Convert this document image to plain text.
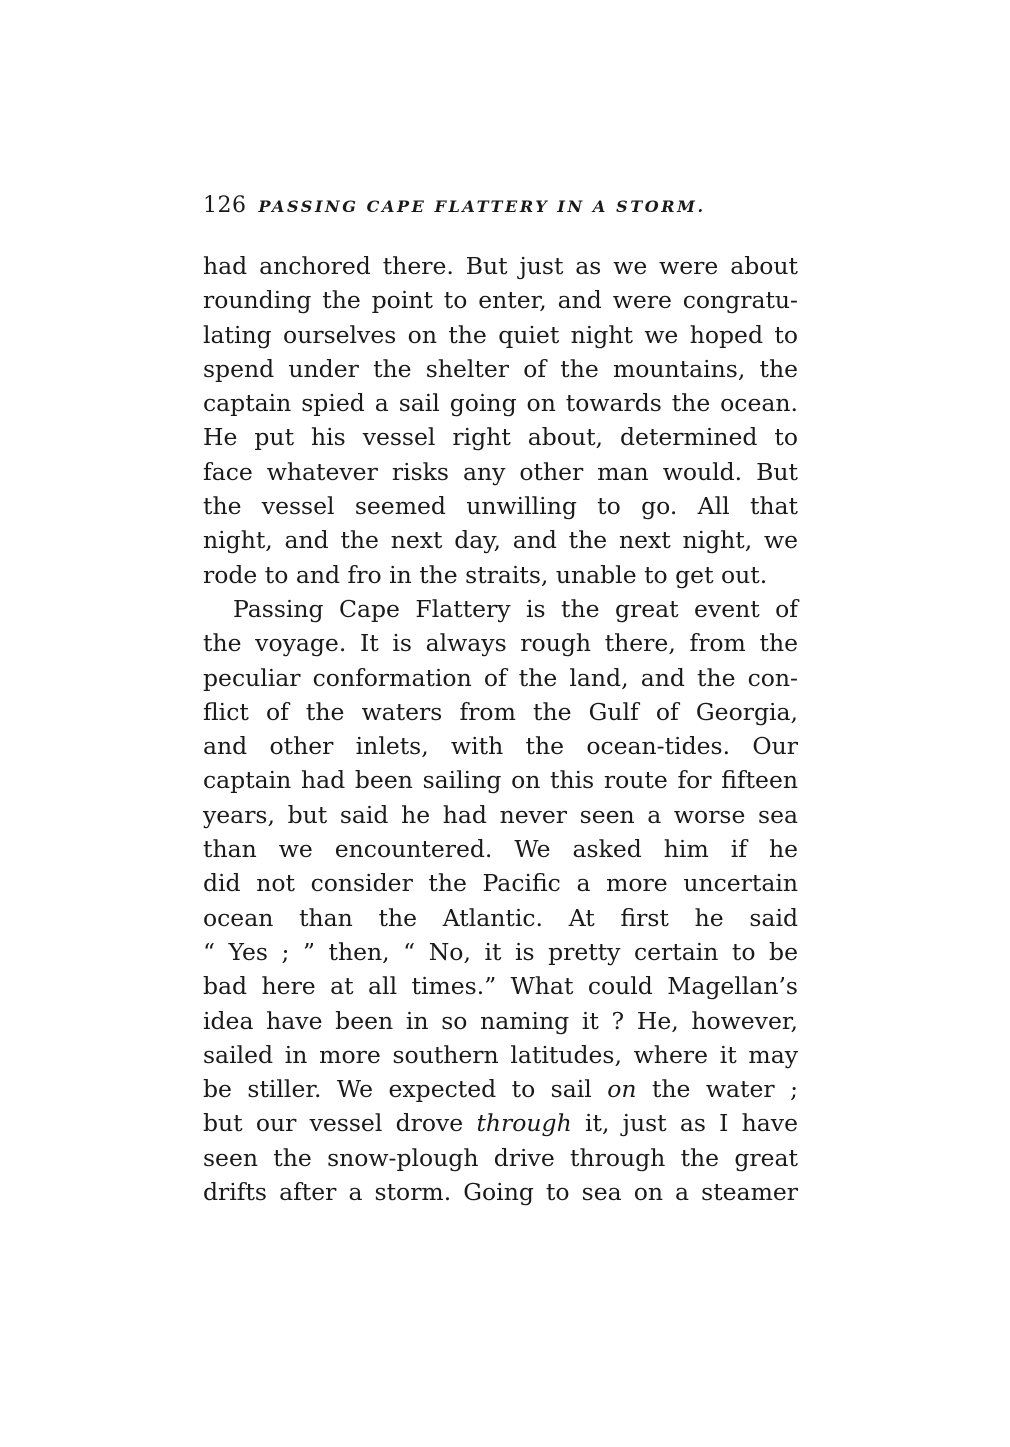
126 PASSING CAPE FLATTERY IN A STORM.
had anchored there. But just as we were about
rounding the point to enter, and were congratu-
lating ourselves on the quiet night we hoped to
spend under the shelter of the mountains, the
captain spied a sail going on towards the ocean.
He put his vessel right about, determined to
face whatever risks any other man would. But
the vessel seemed unwilling to go. All that
night, and the next day, and the next night, we
rode to and fro in the straits, unable to get out.
Passing Cape Flattery is the great event of
the voyage. It is always rough there, from the
peculiar conformation of the land, and the con-
flict of the waters from the Gulf of Georgia,
and other inlets, with the ocean-tides. Our
captain had been sailing on this route for fifteen
years, but said he had never seen a worse sea
than we encountered. We asked him if he
did not consider the Pacific a more uncertain
ocean than the Atlantic. At first he said
“ Yes ; ” then, “ No, it is pretty certain to be
bad here at all times.” What could Magellan’s
idea have been in so naming it ? He, however,
sailed in more southern latitudes, where it may
be stiller. We expected to sail on the water ;
but our vessel drove through it, just as I have
seen the snow-plough drive through the great
drifts after a storm. Going to sea on a steamer
